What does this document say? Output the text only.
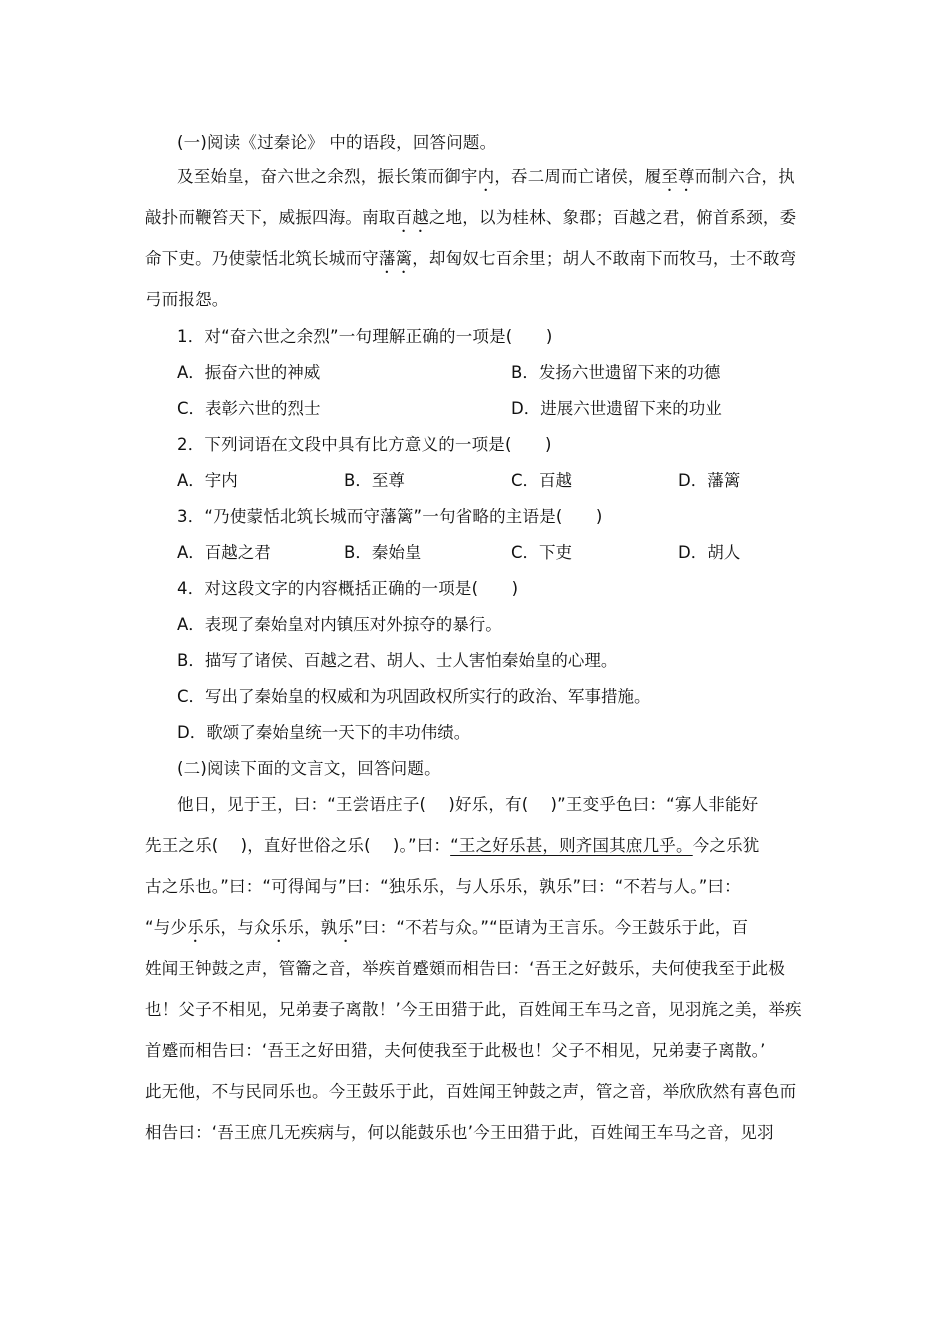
(一)阅读《过秦论》 中的语段，回答问题。
及至始皇，奋六世之余烈，振长策而御宇内，吞二周而亡诸侯，履至尊而制六合，执
敲扑而鞭笞天下，威振四海。南取百越之地，以为桂林、象郡；百越之君，俯首系颈，委
命下吏。乃使蒙恬北筑长城而守藩篱，却匈奴七百余里；胡人不敢南下而牧马，士不敢弯
弓而报怨。
1．对“奋六世之余烈”一句理解正确的一项是(　　)
A．振奋六世的神威	B．发扬六世遗留下来的功德
C．表彰六世的烈士	D．进展六世遗留下来的功业
2．下列词语在文段中具有比方意义的一项是(　　)
A．宇内	B．至尊	C．百越	D．藩篱
3．“乃使蒙恬北筑长城而守藩篱”一句省略的主语是(　　)
A．百越之君	B．秦始皇	C．下吏	D．胡人
4．对这段文字的内容概括正确的一项是(　　)
A．表现了秦始皇对内镇压对外掠夺的暴行。
B．描写了诸侯、百越之君、胡人、士人害怕秦始皇的心理。
C．写出了秦始皇的权威和为巩固政权所实行的政治、军事措施。
D．歌颂了秦始皇统一天下的丰功伟绩。
(二)阅读下面的文言文，回答问题。
他日，见于王，曰：“王尝语庄子(　 )好乐，有(　 )”王变乎色曰：“寡人非能好
先王之乐(　 )，直好世俗之乐(　 )。”曰：“王之好乐甚，则齐国其庶几乎。今之乐犹
古之乐也。”曰：“可得闻与”曰：“独乐乐，与人乐乐，孰乐”曰：“不若与人。”曰：
“与少乐乐，与众乐乐，孰乐”曰：“不若与众。”“臣请为王言乐。今王鼓乐于此，百
姓闻王钟鼓之声，管籥之音，举疾首蹙頞而相告曰：‘吾王之好鼓乐，夫何使我至于此极
也！父子不相见，兄弟妻子离散！’今王田猎于此，百姓闻王车马之音，见羽旄之美，举疾
首蹙而相告曰：‘吾王之好田猎，夫何使我至于此极也！父子不相见，兄弟妻子离散。’
此无他，不与民同乐也。今王鼓乐于此，百姓闻王钟鼓之声，管之音，举欣欣然有喜色而
相告曰：‘吾王庶几无疾病与，何以能鼓乐也’今王田猎于此，百姓闻王车马之音，见羽
